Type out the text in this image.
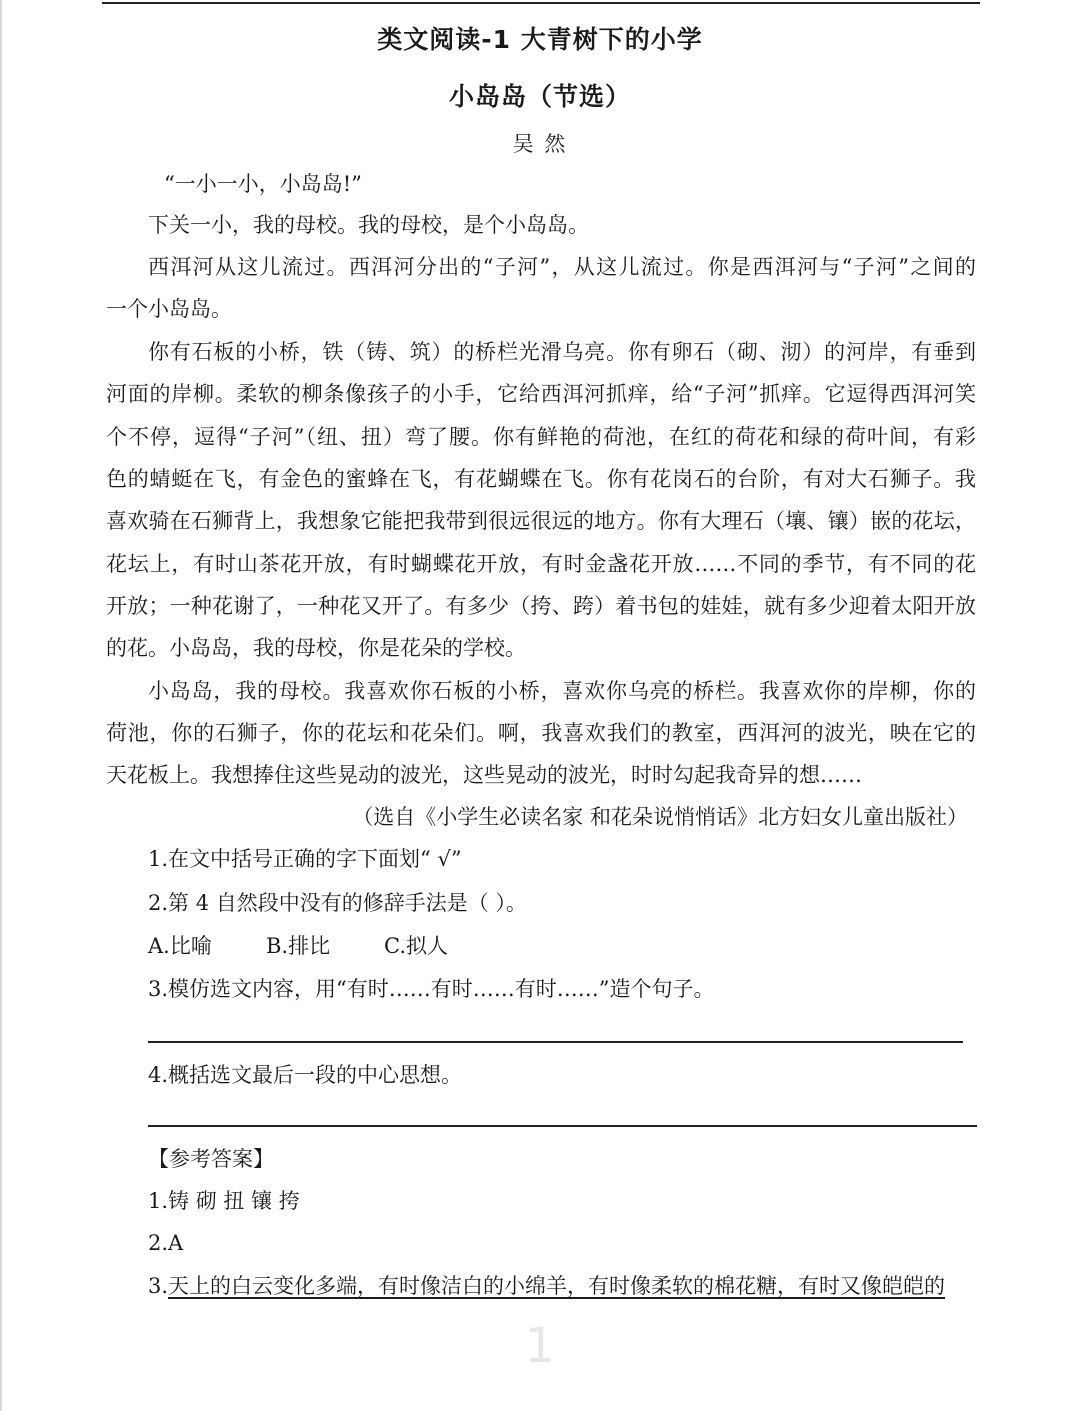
类文阅读-1 大青树下的小学
小岛岛（节选）
吴 然
“一小一小，小岛岛!”
下关一小，我的母校。我的母校，是个小岛岛。
西洱河从这儿流过。西洱河分出的“子河”，从这儿流过。你是西洱河与“子河”之间的
一个小岛岛。
你有石板的小桥，铁（铸、筑）的桥栏光滑乌亮。你有卵石（砌、沏）的河岸，有垂到
河面的岸柳。柔软的柳条像孩子的小手，它给西洱河抓痒，给“子河”抓痒。它逗得西洱河笑
个不停，逗得“子河”（纽、扭）弯了腰。你有鲜艳的荷池，在红的荷花和绿的荷叶间，有彩
色的蜻蜓在飞，有金色的蜜蜂在飞，有花蝴蝶在飞。你有花岗石的台阶，有对大石狮子。我
喜欢骑在石狮背上，我想象它能把我带到很远很远的地方。你有大理石（壤、镶）嵌的花坛，
花坛上，有时山茶花开放，有时蝴蝶花开放，有时金盏花开放……不同的季节，有不同的花
开放；一种花谢了，一种花又开了。有多少（挎、跨）着书包的娃娃，就有多少迎着太阳开放
的花。小岛岛，我的母校，你是花朵的学校。
小岛岛，我的母校。我喜欢你石板的小桥，喜欢你乌亮的桥栏。我喜欢你的岸柳，你的
荷池，你的石狮子，你的花坛和花朵们。啊，我喜欢我们的教室，西洱河的波光，映在它的
天花板上。我想捧住这些晃动的波光，这些晃动的波光，时时勾起我奇异的想……
（选自《小学生必读名家 和花朵说悄悄话》北方妇女儿童出版社）
1.在文中括号正确的字下面划“ √”
2.第 4 自然段中没有的修辞手法是（ ）。
A.比喻	B.排比	C.拟人
3.模仿选文内容，用“有时……有时……有时……”造个句子。
4.概括选文最后一段的中心思想。
【参考答案】
1.铸 砌 扭 镶 挎
2.A
3.天上的白云变化多端，有时像洁白的小绵羊，有时像柔软的棉花糖，有时又像皑皑的
1
